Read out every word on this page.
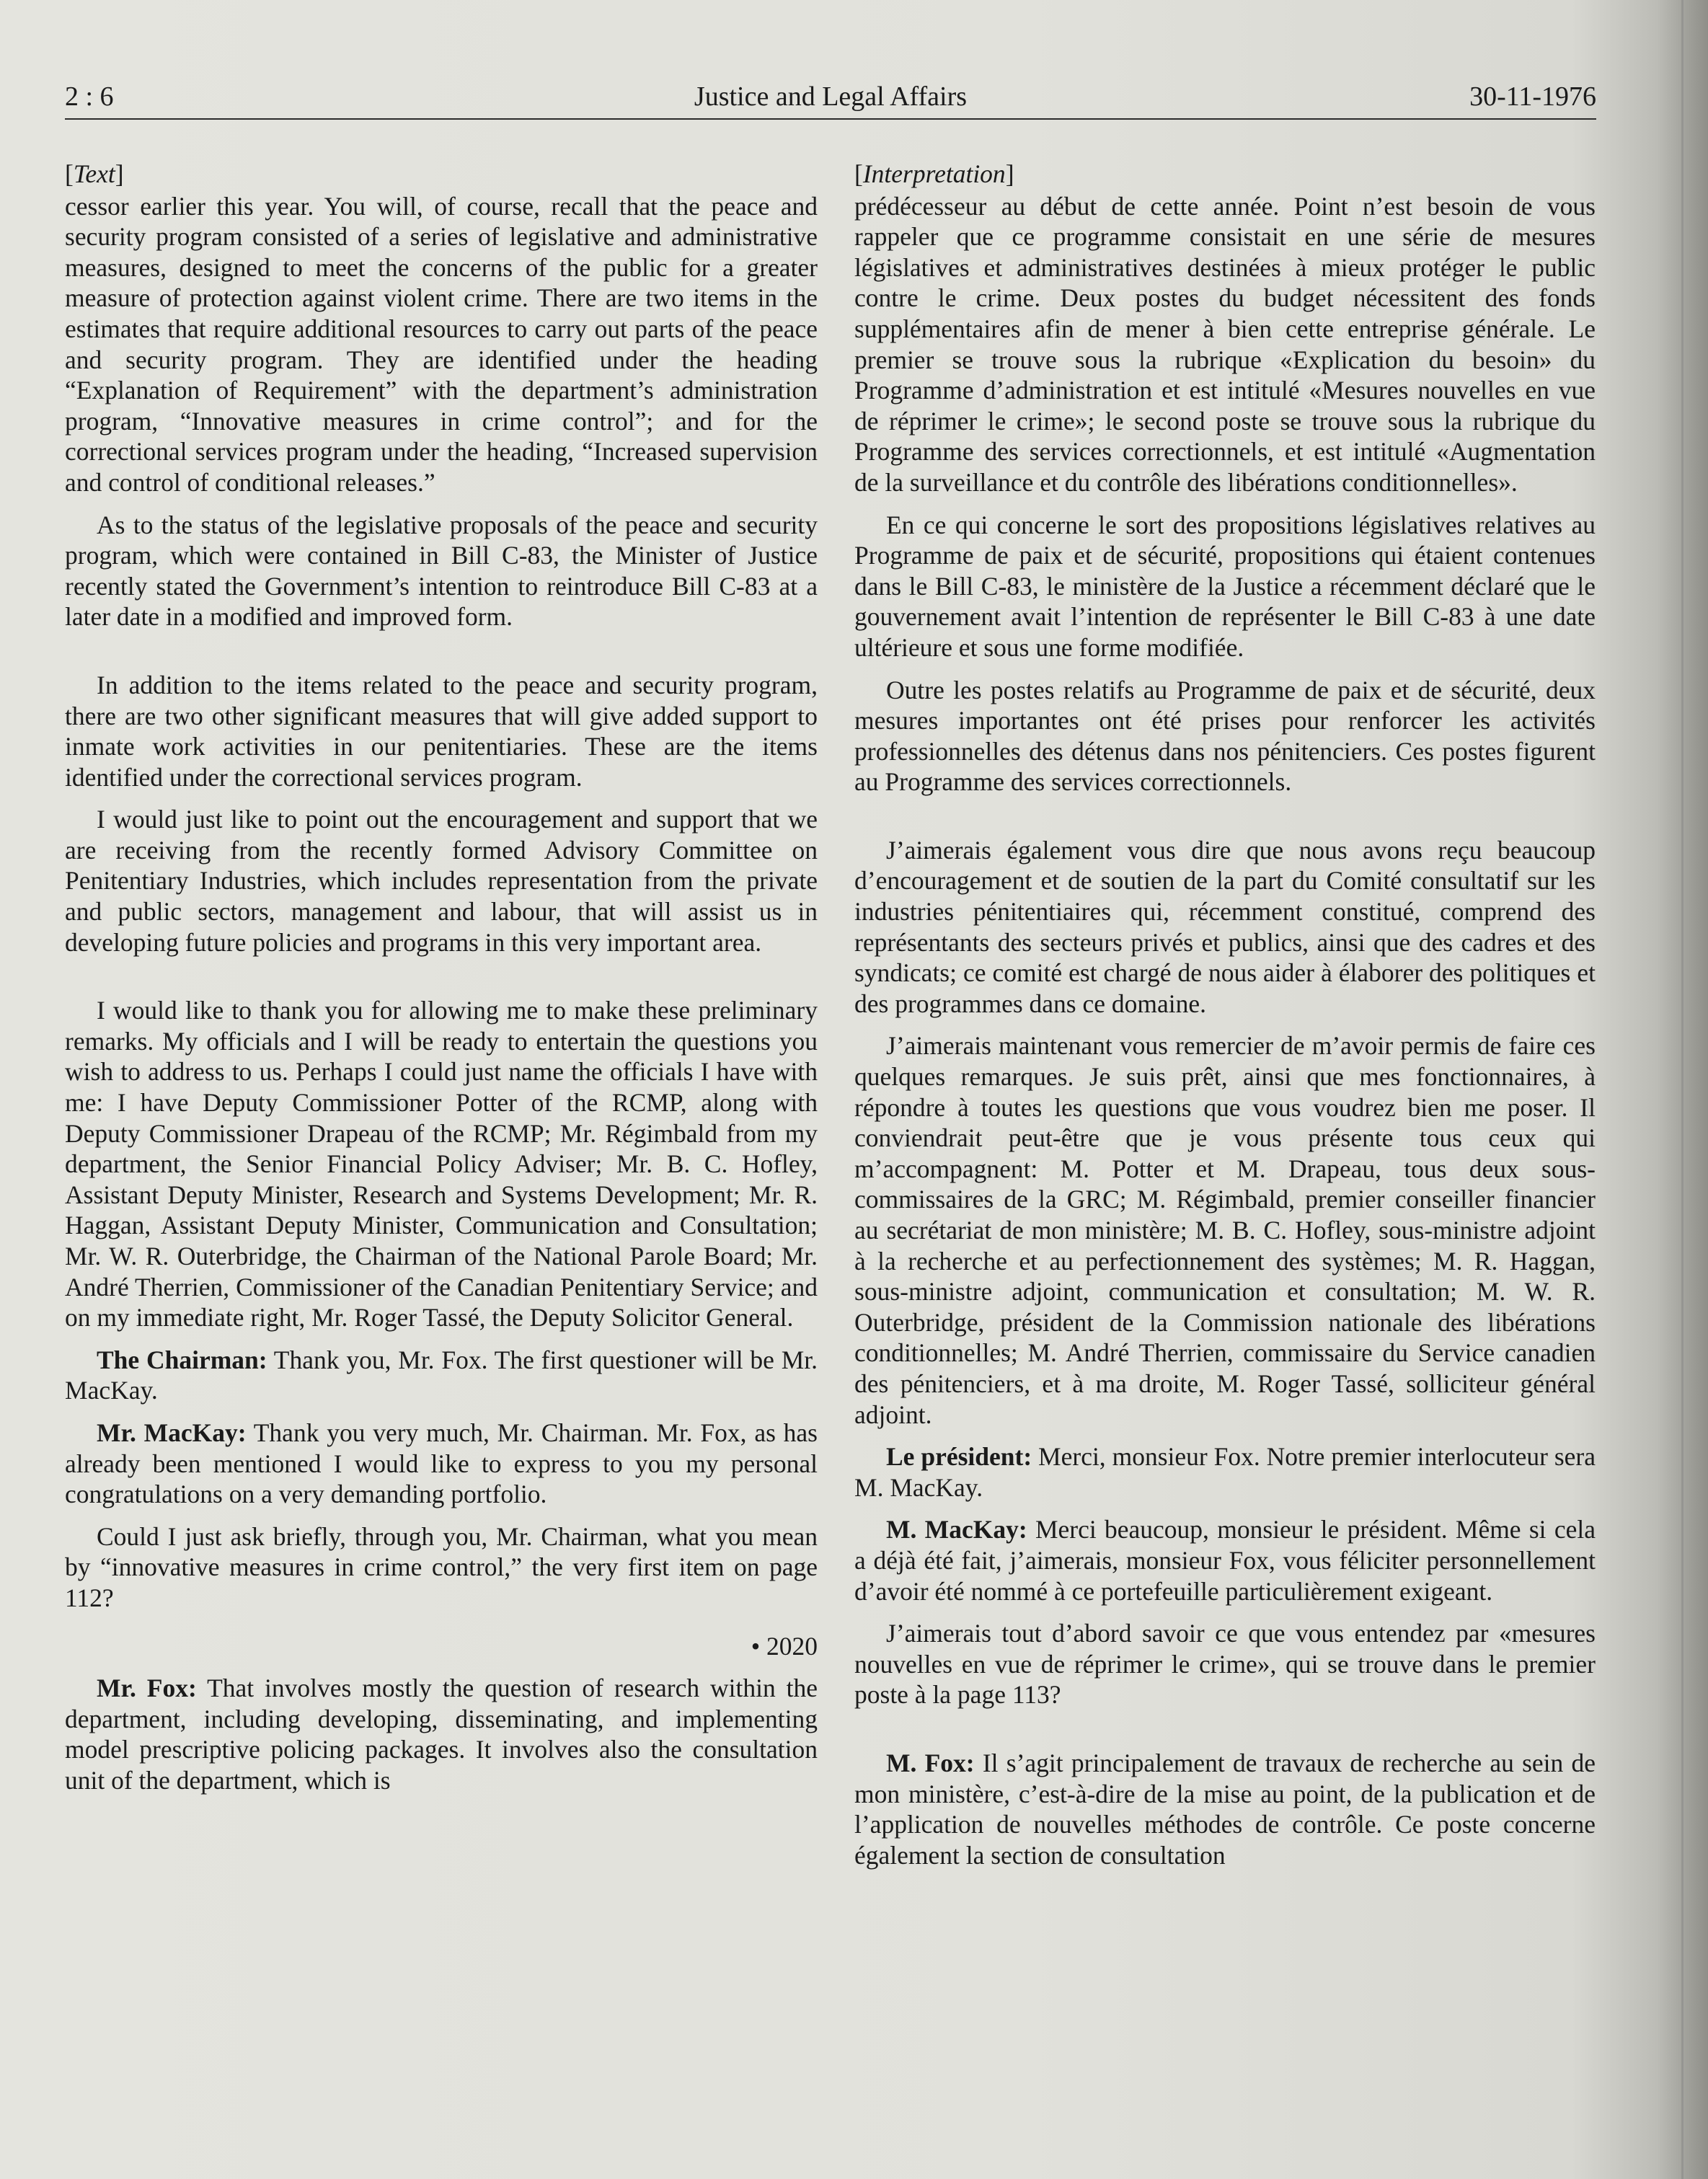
2 : 6	Justice and Legal Affairs	30-11-1976
[Text]

cessor earlier this year. You will, of course, recall that the peace and security program consisted of a series of legislative and administrative measures, designed to meet the concerns of the public for a greater measure of protection against violent crime. There are two items in the estimates that require additional resources to carry out parts of the peace and security program. They are identified under the heading “Explanation of Requirement” with the department’s administration program, “Innovative measures in crime control”; and for the correctional services program under the heading, “Increased supervision and control of conditional releases.”

As to the status of the legislative proposals of the peace and security program, which were contained in Bill C-83, the Minister of Justice recently stated the Government’s intention to reintroduce Bill C-83 at a later date in a modified and improved form.

In addition to the items related to the peace and security program, there are two other significant measures that will give added support to inmate work activities in our penitentiaries. These are the items identified under the correctional services program.

I would just like to point out the encouragement and support that we are receiving from the recently formed Advisory Committee on Penitentiary Industries, which includes representation from the private and public sectors, management and labour, that will assist us in developing future policies and programs in this very important area.

I would like to thank you for allowing me to make these preliminary remarks. My officials and I will be ready to entertain the questions you wish to address to us. Perhaps I could just name the officials I have with me: I have Deputy Commissioner Potter of the RCMP, along with Deputy Commissioner Drapeau of the RCMP; Mr. Régimbald from my department, the Senior Financial Policy Adviser; Mr. B. C. Hofley, Assistant Deputy Minister, Research and Systems Development; Mr. R. Haggan, Assistant Deputy Minister, Communication and Consultation; Mr. W. R. Outerbridge, the Chairman of the National Parole Board; Mr. André Therrien, Commissioner of the Canadian Penitentiary Service; and on my immediate right, Mr. Roger Tassé, the Deputy Solicitor General.

The Chairman: Thank you, Mr. Fox. The first questioner will be Mr. MacKay.

Mr. MacKay: Thank you very much, Mr. Chairman. Mr. Fox, as has already been mentioned I would like to express to you my personal congratulations on a very demanding portfolio.

Could I just ask briefly, through you, Mr. Chairman, what you mean by “innovative measures in crime control,” the very first item on page 112?

• 2020

Mr. Fox: That involves mostly the question of research within the department, including developing, disseminating, and implementing model prescriptive policing packages. It involves also the consultation unit of the department, which is

[Interpretation]

prédécesseur au début de cette année. Point n’est besoin de vous rappeler que ce programme consistait en une série de mesures législatives et administratives destinées à mieux protéger le public contre le crime. Deux postes du budget nécessitent des fonds supplémentaires afin de mener à bien cette entreprise générale. Le premier se trouve sous la rubrique «Explication du besoin» du Programme d’administration et est intitulé «Mesures nouvelles en vue de réprimer le crime»; le second poste se trouve sous la rubrique du Programme des services correctionnels, et est intitulé «Augmentation de la surveillance et du contrôle des libérations conditionnelles».

En ce qui concerne le sort des propositions législatives relatives au Programme de paix et de sécurité, propositions qui étaient contenues dans le Bill C-83, le ministère de la Justice a récemment déclaré que le gouvernement avait l’intention de représenter le Bill C-83 à une date ultérieure et sous une forme modifiée.

Outre les postes relatifs au Programme de paix et de sécurité, deux mesures importantes ont été prises pour renforcer les activités professionnelles des détenus dans nos pénitenciers. Ces postes figurent au Programme des services correctionnels.

J’aimerais également vous dire que nous avons reçu beaucoup d’encouragement et de soutien de la part du Comité consultatif sur les industries pénitentiaires qui, récemment constitué, comprend des représentants des secteurs privés et publics, ainsi que des cadres et des syndicats; ce comité est chargé de nous aider à élaborer des politiques et des programmes dans ce domaine.

J’aimerais maintenant vous remercier de m’avoir permis de faire ces quelques remarques. Je suis prêt, ainsi que mes fonctionnaires, à répondre à toutes les questions que vous voudrez bien me poser. Il conviendrait peut-être que je vous présente tous ceux qui m’accompagnent: M. Potter et M. Drapeau, tous deux sous-commissaires de la GRC; M. Régimbald, premier conseiller financier au secrétariat de mon ministère; M. B. C. Hofley, sous-ministre adjoint à la recherche et au perfectionnement des systèmes; M. R. Haggan, sous-ministre adjoint, communication et consultation; M. W. R. Outerbridge, président de la Commission nationale des libérations conditionnelles; M. André Therrien, commissaire du Service canadien des pénitenciers, et à ma droite, M. Roger Tassé, solliciteur général adjoint.

Le président: Merci, monsieur Fox. Notre premier interlocuteur sera M. MacKay.

M. MacKay: Merci beaucoup, monsieur le président. Même si cela a déjà été fait, j’aimerais, monsieur Fox, vous féliciter personnellement d’avoir été nommé à ce portefeuille particulièrement exigeant.

J’aimerais tout d’abord savoir ce que vous entendez par «mesures nouvelles en vue de réprimer le crime», qui se trouve dans le premier poste à la page 113?

M. Fox: Il s’agit principalement de travaux de recherche au sein de mon ministère, c’est-à-dire de la mise au point, de la publication et de l’application de nouvelles méthodes de contrôle. Ce poste concerne également la section de consultation
